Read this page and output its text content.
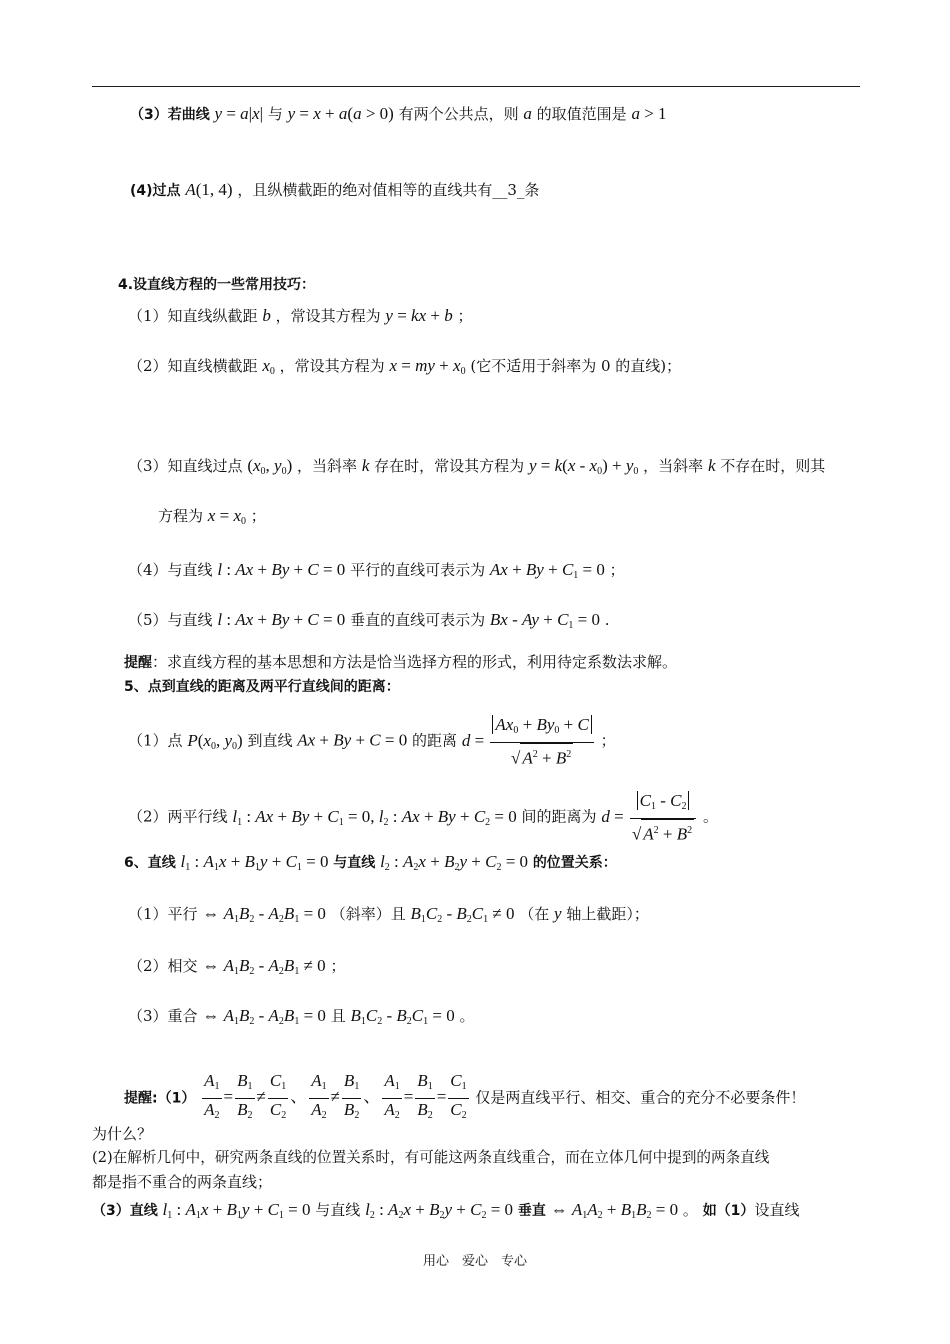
（3）若曲线 y = a|x| 与 y = x + a(a > 0) 有两个公共点，则 a 的取值范围是 a > 1
(4)过点 A(1, 4) ，且纵横截距的绝对值相等的直线共有__3_条
4.设直线方程的一些常用技巧：
（1）知直线纵截距 b ，常设其方程为 y = kx + b ；
（2）知直线横截距 $x_0$ ，常设其方程为 x = my + $x_0$ (它不适用于斜率为 0 的直线)；
（3）知直线过点 ($x_0$, $y_0$) ，当斜率 k 存在时，常设其方程为 $y = k(x - x_0) + y_0$ ，当斜率 k 不存在时，则其
方程为 $x = x_0$ ；
（4）与直线 l : Ax + By + C = 0 平行的直线可表示为 $Ax + By + C_1 = 0$ ；
（5）与直线 l : Ax + By + C = 0 垂直的直线可表示为 $Bx - Ay + C_1 = 0$ .
提醒：求直线方程的基本思想和方法是恰当选择方程的形式，利用待定系数法求解。
5、点到直线的距离及两平行直线间的距离：
（1）点 $P(x_0$, $y_0$) 到直线 Ax + By + C = 0 的距离 $d = \frac{Ax_0 + By_0 + C}{√ A^2 + B^2}$ ；
（2）两平行线 $l_1$ : $Ax + By + C_1 = 0$, $l_2$ : $Ax + By + C_2 = 0$ 间的距离为 $d = \frac{C_1 - C_2}{√ A^2 + B^2}$ 。
6、直线 $l_1$ : $A_1x + B_1y + C_1 = 0$ 与直线 $l_2$ : $A_2x + B_2y + C_2 = 0$ 的位置关系：
（1）平行 ⇔ $A_1B_2 - A_2B_1 = 0$ （斜率）且 $B_1C_2 - B_2C_1 \ne 0$ （在 y 轴上截距）；
（2）相交 ⇔ $A_1B_2 - A_2B_1 \ne 0$ ；
（3）重合 ⇔ $A_1B_2 - A_2B_1 = 0$ 且 $B_1C_2 - B_2C_1 = 0$ 。
提醒:（1） $\frac{A_1}{A_2} = \frac{B_1}{B_2} \ne \frac{C_1}{C_2}$ 、 $\frac{A_1}{A_2} \ne \frac{B_1}{B_2}$ 、 $\frac{A_1}{A_2} = \frac{B_1}{B_2} = \frac{C_1}{C_2}$ 仅是两直线平行、相交、重合的充分不必要条件！
为什么？
(2)在解析几何中，研究两条直线的位置关系时，有可能这两条直线重合，而在立体几何中提到的两条直线
都是指不重合的两条直线；
（3）直线 $l_1$ : $A_1x + B_1y + C_1 = 0$ 与直线 $l_2$ : $A_2x + B_2y + C_2 = 0$ 垂直 ⇔ $A_1A_2 + B_1B_2 = 0$ 。 如（1）设直线
用心　爱心　专心
